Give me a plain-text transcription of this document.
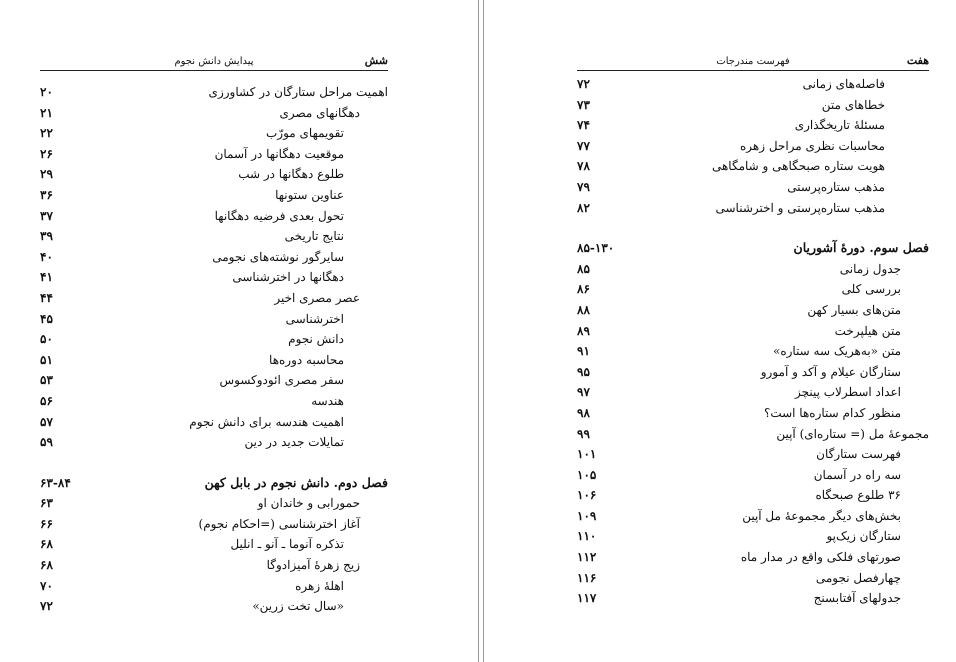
شش
پیدایش دانش نجوم
اهمیت مراحل ستارگان در کشاورزی
۲۰
دهگانهای مصری
۲۱
تقویمهای مورّب
۲۲
موقعیت دهگانها در آسمان
۲۶
طلوع دهگانها در شب
۲۹
عناوین ستونها
۳۶
تحول بعدی فرضیه دهگانها
۳۷
نتایج تاریخی
۳۹
سایرگور نوشته‌های نجومی
۴۰
دهگانها در اخترشناسی
۴۱
عصر مصری اخیر
۴۴
اخترشناسی
۴۵
دانش نجوم
۵۰
محاسبه دوره‌ها
۵۱
سفر مصری ائودوکسوس
۵۳
هندسه
۵۶
اهمیت هندسه برای دانش نجوم
۵۷
تمایلات جدید در دین
۵۹
فصل دوم. دانش نجوم در بابل کهن
۶۳-۸۴
حمورابی و خاندان او
۶۳
آغاز اخترشناسی (=احکام نجوم)
۶۶
تذکره آنوما ـ آنو ـ انلیل
۶۸
زیج زهرهٔ آمیزادوگا
۶۸
اهلهٔ زهره
۷۰
«سال تخت زرین»
۷۲
هفت
فهرست مندرجات
فاصله‌های زمانی
۷۲
خطاهای متن
۷۳
مسئلهٔ تاریخگذاری
۷۴
محاسبات نظری مراحل زهره
۷۷
هویت ستاره صبحگاهی و شامگاهی
۷۸
مذهب ستاره‌پرستی
۷۹
مذهب ستاره‌پرستی و اخترشناسی
۸۲
فصل سوم. دورهٔ آشوریان
۸۵-۱۳۰
جدول زمانی
۸۵
بررسی کلی
۸۶
متن‌های بسیار کهن
۸۸
متن هیلپرخت
۸۹
متن «به‌هریک سه ستاره»
۹۱
ستارگان عیلام و آکد و آمورو
۹۵
اعداد اسطرلاب پینچز
۹۷
منظور کدام ستاره‌ها است؟
۹۸
مجموعهٔ مل (= ستاره‌ای) آپین
۹۹
فهرست ستارگان
۱۰۱
سه راه در آسمان
۱۰۵
۳۶ طلوع صبحگاه
۱۰۶
بخش‌های دیگر مجموعهٔ مل آپین
۱۰۹
ستارگان زیک‌پو
۱۱۰
صورتهای فلکی واقع در مدار ماه
۱۱۲
چهارفصل نجومی
۱۱۶
جدولهای آفتابسنج
۱۱۷
